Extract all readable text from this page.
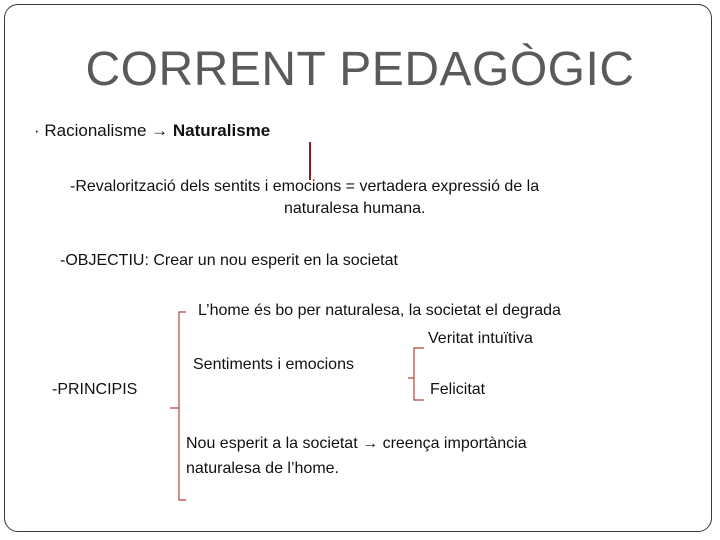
CORRENT PEDAGÒGIC
· Racionalisme → Naturalisme
-Revalorització dels sentits i emocions = vertadera expressió de la
naturalesa humana.
-OBJECTIU: Crear un nou esperit en la societat
-PRINCIPIS
L’home és bo per naturalesa, la societat el degrada
Veritat intuïtiva
Sentiments i emocions
Felicitat
Nou esperit a la societat → creença importància
naturalesa de l’home.
